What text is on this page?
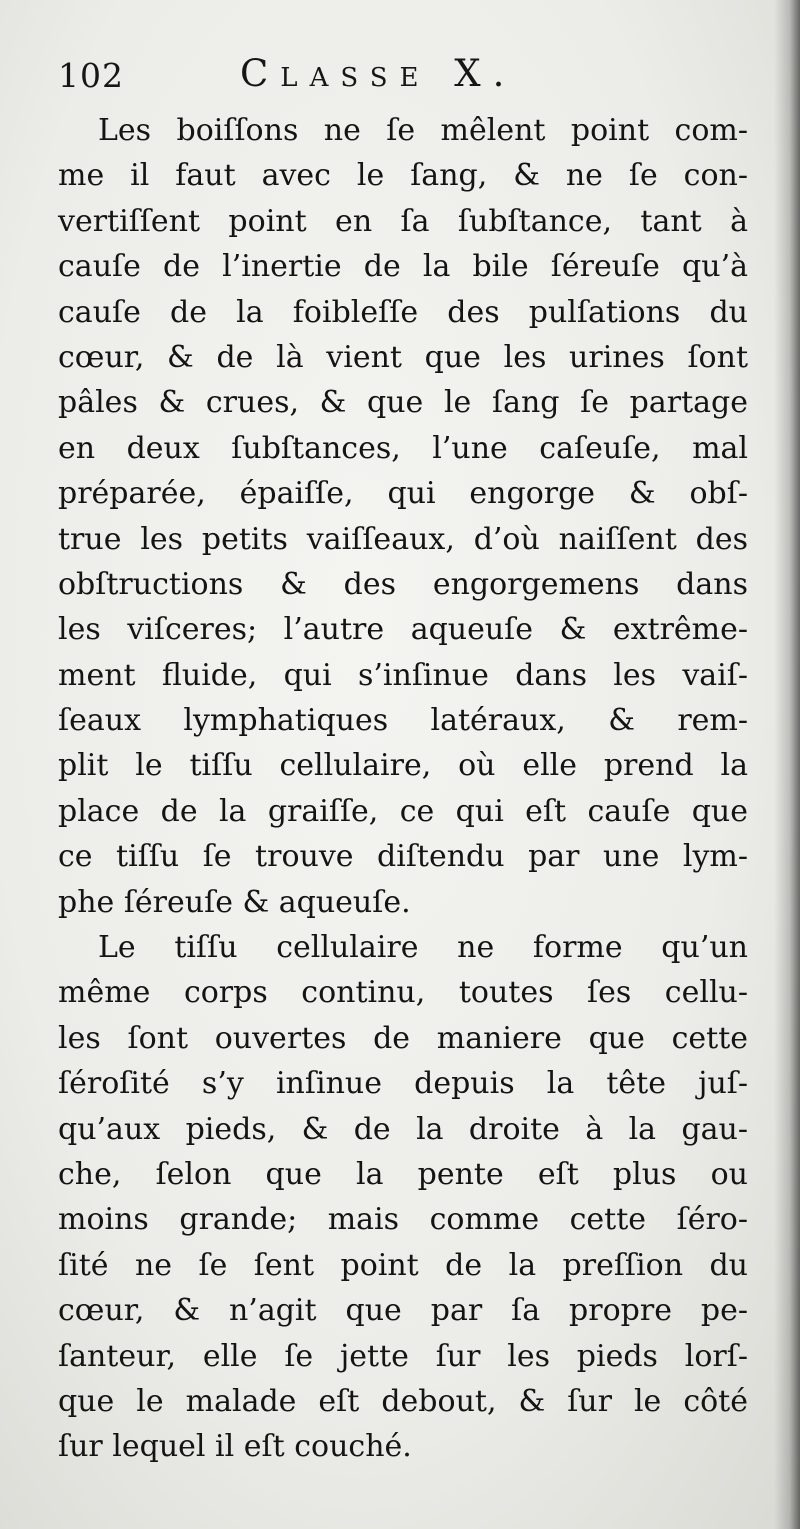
102	Classe X.

Les boiſſons ne ſe mêlent point com-
me il faut avec le ſang, & ne ſe con-
vertiſſent point en ſa ſubſtance, tant à
cauſe de l’inertie de la bile ſéreuſe qu’à
cauſe de la foibleſſe des pulſations du
cœur, & de là vient que les urines ſont
pâles & crues, & que le ſang ſe partage
en deux ſubſtances, l’une caſeuſe, mal
préparée, épaiſſe, qui engorge & obſ-
true les petits vaiſſeaux, d’où naiſſent des
obſtructions & des engorgemens dans
les viſceres; l’autre aqueuſe & extrême-
ment fluide, qui s’inſinue dans les vaiſ-
ſeaux lymphatiques latéraux, & rem-
plit le tiſſu cellulaire, où elle prend la
place de la graiſſe, ce qui eſt cauſe que
ce tiſſu ſe trouve diſtendu par une lym-
phe ſéreuſe & aqueuſe.

Le tiſſu cellulaire ne forme qu’un
même corps continu, toutes ſes cellu-
les ſont ouvertes de maniere que cette
ſéroſité s’y inſinue depuis la tête juſ-
qu’aux pieds, & de la droite à la gau-
che, ſelon que la pente eſt plus ou
moins grande; mais comme cette ſéro-
ſité ne ſe ſent point de la preſſion du
cœur, & n’agit que par ſa propre pe-
ſanteur, elle ſe jette ſur les pieds lorſ-
que le malade eſt debout, & ſur le côté
ſur lequel il eſt couché.
